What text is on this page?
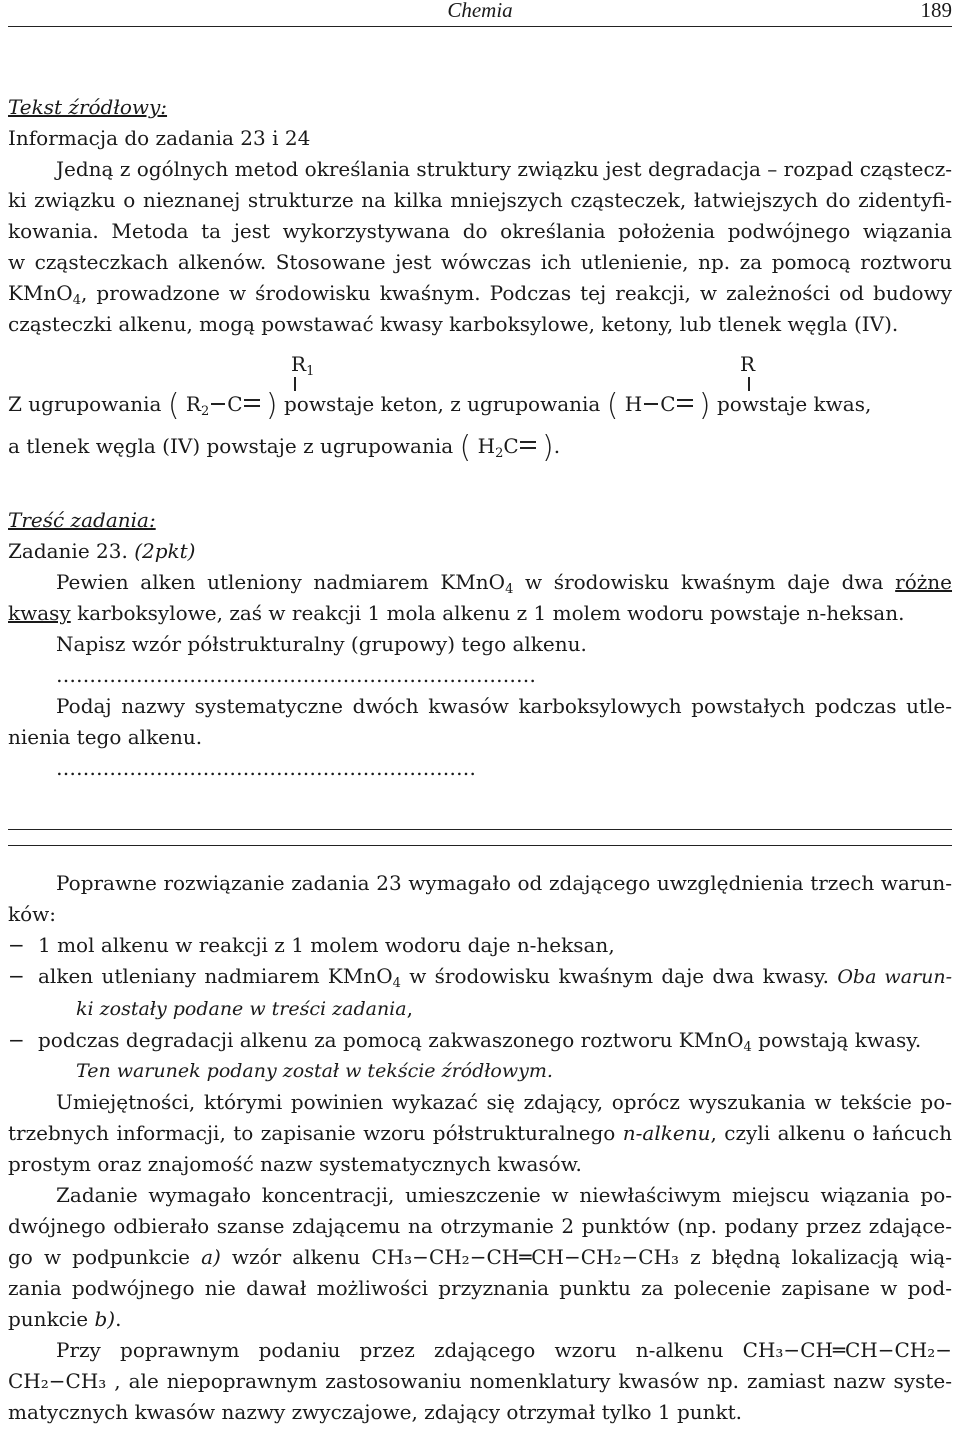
Chemia	189
Tekst źródłowy:
Informacja do zadania 23 i 24
Jedną z ogólnych metod określania struktury związku jest degradacja – rozpad cząstecz-
ki związku o nieznanej strukturze na kilka mniejszych cząsteczek, łatwiejszych do zidentyfi-
kowania. Metoda ta jest wykorzystywana do określania położenia podwójnego wiązania
w cząsteczkach alkenów. Stosowane jest wówczas ich utlenienie, np. za pomocą roztworu
KMnO$_4$, prowadzone w środowisku kwaśnym. Podczas tej reakcji, w zależności od budowy
cząsteczki alkenu, mogą powstawać kwasy karboksylowe, ketony, lub tlenek węgla (IV).
$R_1$	R
Z ugrupowania ( $R_2$ C ) powstaje keton, z ugrupowania ( H C ) powstaje kwas,
a tlenek węgla (IV) powstaje z ugrupowania ( $H_2C$ ).
Treść zadania:
Zadanie 23. (2pkt)
Pewien alken utleniony nadmiarem KMnO$_4$ w środowisku kwaśnym daje dwa różne
kwasy karboksylowe, zaś w reakcji 1 mola alkenu z 1 molem wodoru powstaje n-heksan.
Napisz wzór półstrukturalny (grupowy) tego alkenu.
………………………………………………………………
Podaj nazwy systematyczne dwóch kwasów karboksylowych powstałych podczas utle-
nienia tego alkenu.
………………………………………………………
Poprawne rozwiązanie zadania 23 wymagało od zdającego uwzględnienia trzech warun-
ków:
− 1 mol alkenu w reakcji z 1 molem wodoru daje n-heksan,
− alken utleniany nadmiarem KMnO$_4$ w środowisku kwaśnym daje dwa kwasy. Oba warun-
ki zostały podane w treści zadania,
− podczas degradacji alkenu za pomocą zakwaszonego roztworu KMnO$_4$ powstają kwasy.
Ten warunek podany został w tekście źródłowym.
Umiejętności, którymi powinien wykazać się zdający, oprócz wyszukania w tekście po-
trzebnych informacji, to zapisanie wzoru półstrukturalnego n-alkenu, czyli alkenu o łańcuch
prostym oraz znajomość nazw systematycznych kwasów.
Zadanie wymagało koncentracji, umieszczenie w niewłaściwym miejscu wiązania po-
dwójnego odbierało szanse zdającemu na otrzymanie 2 punktów (np. podany przez zdające-
go w podpunkcie a) wzór alkenu CH₃−CH₂−CH═CH−CH₂−CH₃ z błędną lokalizacją wią-
zania podwójnego nie dawał możliwości przyznania punktu za polecenie zapisane w pod-
punkcie b).
Przy poprawnym podaniu przez zdającego wzoru n-alkenu CH₃−CH═CH−CH₂−
CH₂−CH₃ , ale niepoprawnym zastosowaniu nomenklatury kwasów np. zamiast nazw syste-
matycznych kwasów nazwy zwyczajowe, zdający otrzymał tylko 1 punkt.
